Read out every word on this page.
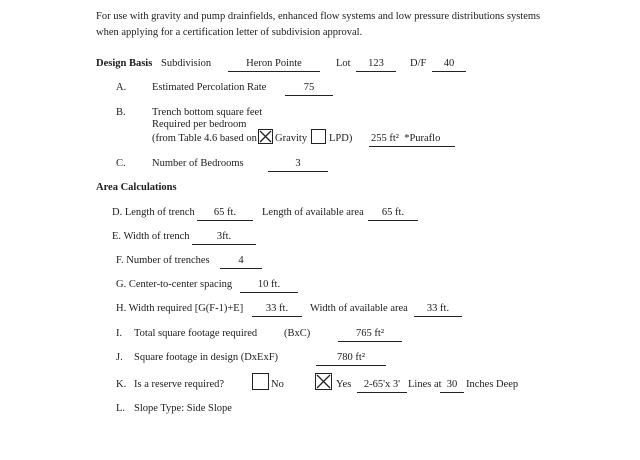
For use with gravity and pump drainfields, enhanced flow systems and low pressure distributions systems
when applying for a certification letter of subdivision approval.
Design Basis Subdivision	Heron Pointe	Lot	123	D/F	40
A. Estimated Percolation Rate	75
B.	Trench bottom square feet
Required per bedroom
(from Table 4.6 based on Gravity LPD) 255 ft² *Puraflo
C.	Number of Bedrooms	3
Area Calculations
D. Length of trench	65 ft.	Length of available area	65 ft.
E. Width of trench	3ft.
F. Number of trenches	4
G. Center-to-center spacing	10 ft.
H. Width required [G(F-1)+E]	33 ft.	Width of available area	33 ft.
I. Total square footage required	(BxC)	765 ft²
J. Square footage in design (DxExF)	780 ft²
K. Is a reserve required?	No	Yes	2-65'x 3' Lines at 30 Inches Deep
L. Slope Type: Side Slope
